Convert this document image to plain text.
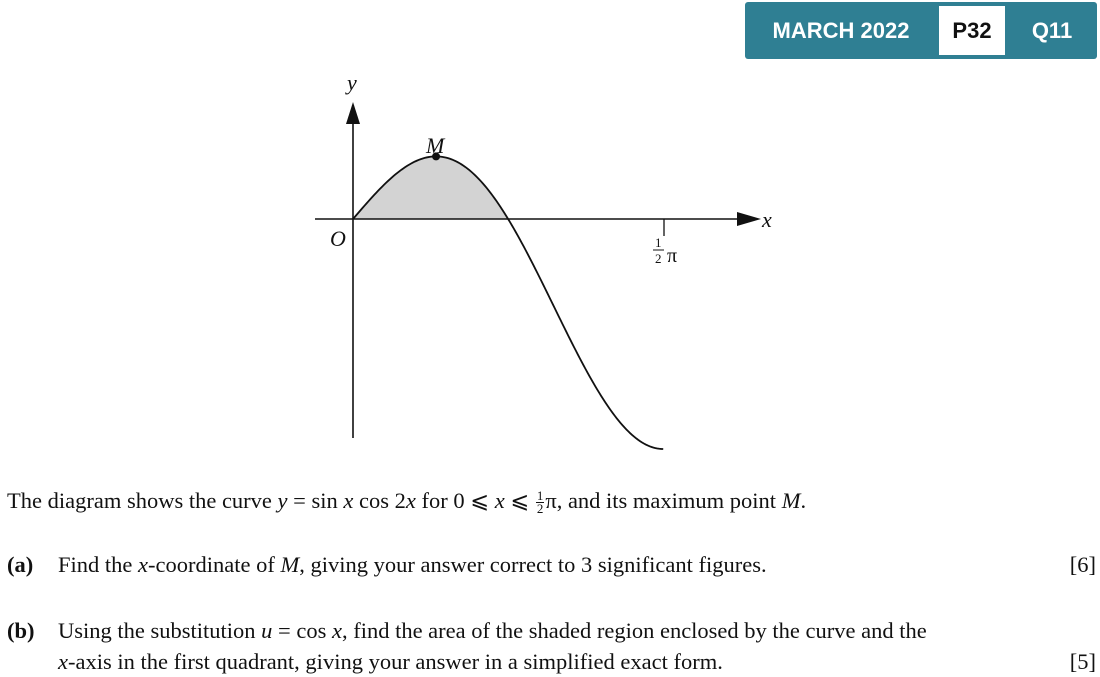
MARCH 2022	P32	Q11
y
x
O
M
1
2 π
The diagram shows the curve y = sin x cos 2x for 0 ⩽ x ⩽ $\frac{1}{2} \pi$, and its maximum point M.
(a) Find the x-coordinate of M, giving your answer correct to 3 significant figures.	[6]
(b) Using the substitution u = cos x, find the area of the shaded region enclosed by the curve and the
x-axis in the first quadrant, giving your answer in a simplified exact form.	[5]
